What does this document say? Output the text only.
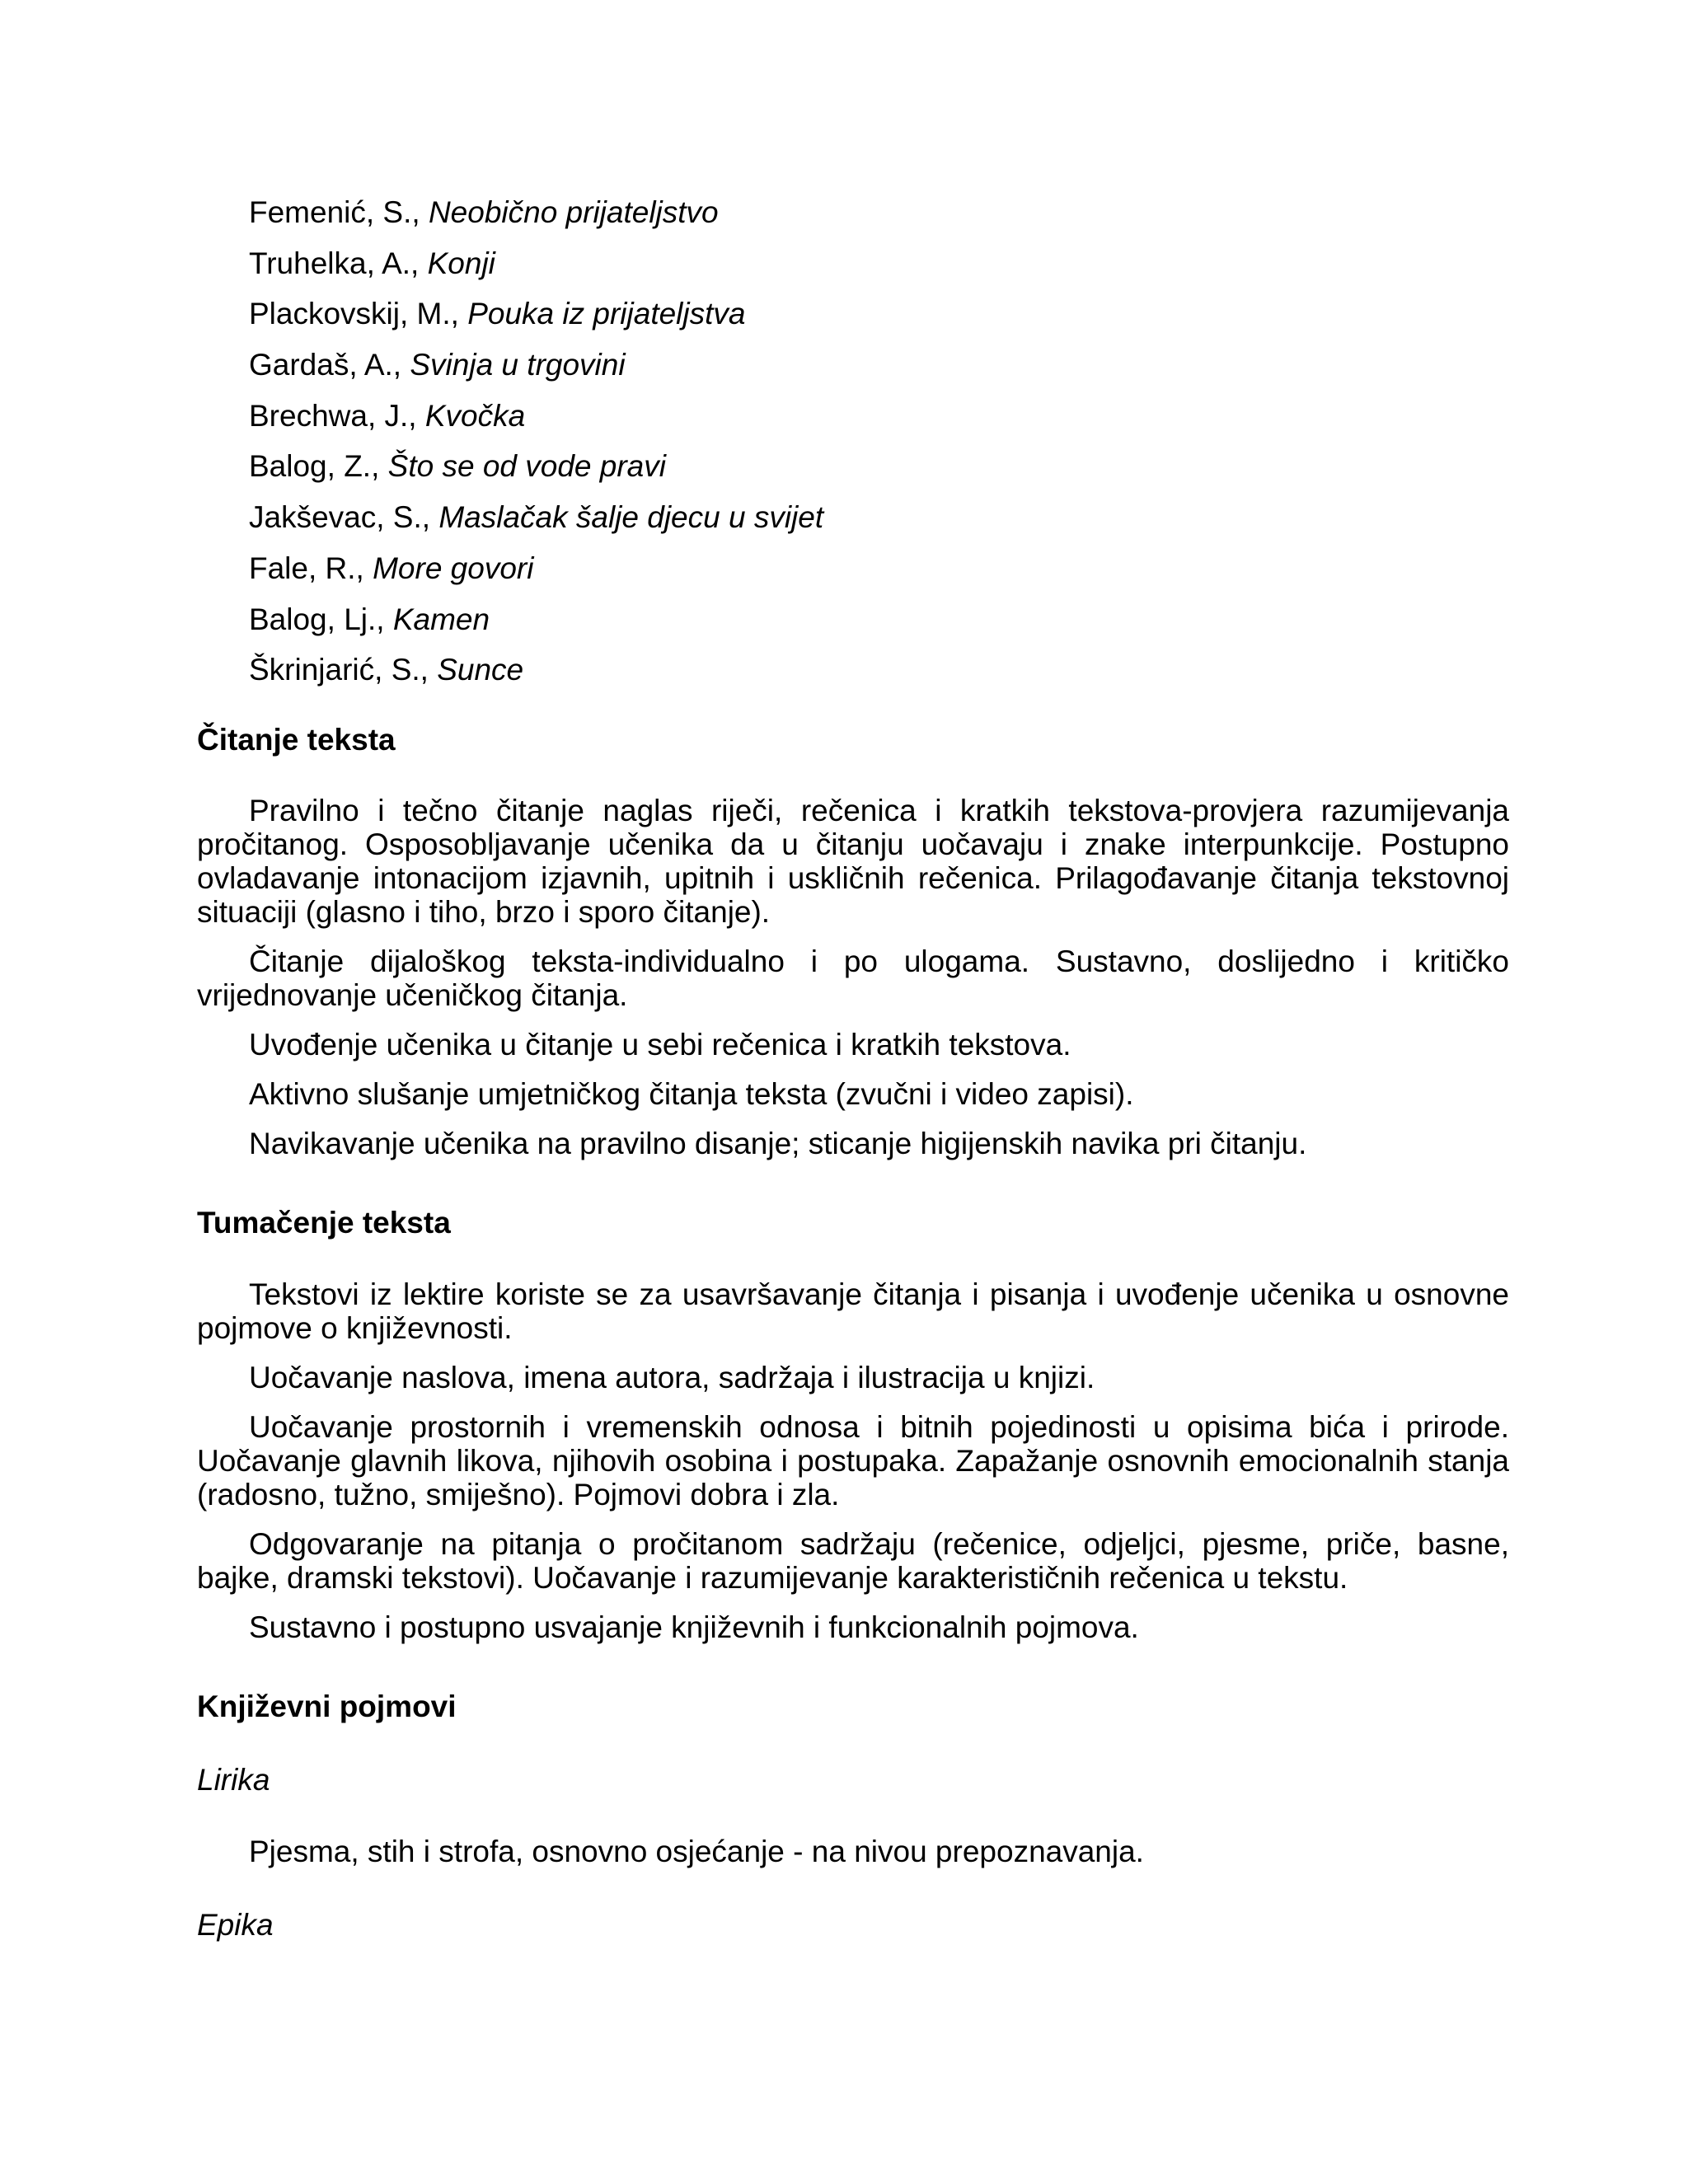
Femenić, S., Neobično prijateljstvo
Truhelka, A., Konji
Plackovskij, M., Pouka iz prijateljstva
Gardaš, A., Svinja u trgovini
Brechwa, J., Kvočka
Balog, Z., Što se od vode pravi
Jakševac, S., Maslačak šalje djecu u svijet
Fale, R., More govori
Balog, Lj., Kamen
Škrinjarić, S., Sunce
Čitanje teksta

Pravilno i tečno čitanje naglas riječi, rečenica i kratkih tekstova-provjera razumijevanja pročitanog. Osposobljavanje učenika da u čitanju uočavaju i znake interpunkcije. Postupno ovladavanje intonacijom izjavnih, upitnih i uskličnih rečenica. Prilagođavanje čitanja tekstovnoj situaciji (glasno i tiho, brzo i sporo čitanje).

Čitanje dijaloškog teksta-individualno i po ulogama. Sustavno, doslijedno i kritičko vrijednovanje učeničkog čitanja.

Uvođenje učenika u čitanje u sebi rečenica i kratkih tekstova.

Aktivno slušanje umjetničkog čitanja teksta (zvučni i video zapisi).

Navikavanje učenika na pravilno disanje; sticanje higijenskih navika pri čitanju.

Tumačenje teksta

Tekstovi iz lektire koriste se za usavršavanje čitanja i pisanja i uvođenje učenika u osnovne pojmove o književnosti.

Uočavanje naslova, imena autora, sadržaja i ilustracija u knjizi.

Uočavanje prostornih i vremenskih odnosa i bitnih pojedinosti u opisima bića i prirode. Uočavanje glavnih likova, njihovih osobina i postupaka. Zapažanje osnovnih emocionalnih stanja (radosno, tužno, smiješno). Pojmovi dobra i zla.

Odgovaranje na pitanja o pročitanom sadržaju (rečenice, odjeljci, pjesme, priče, basne, bajke, dramski tekstovi). Uočavanje i razumijevanje karakterističnih rečenica u tekstu.

Sustavno i postupno usvajanje književnih i funkcionalnih pojmova.

Književni pojmovi
Lirika

Pjesma, stih i strofa, osnovno osjećanje - na nivou prepoznavanja.

Epika
